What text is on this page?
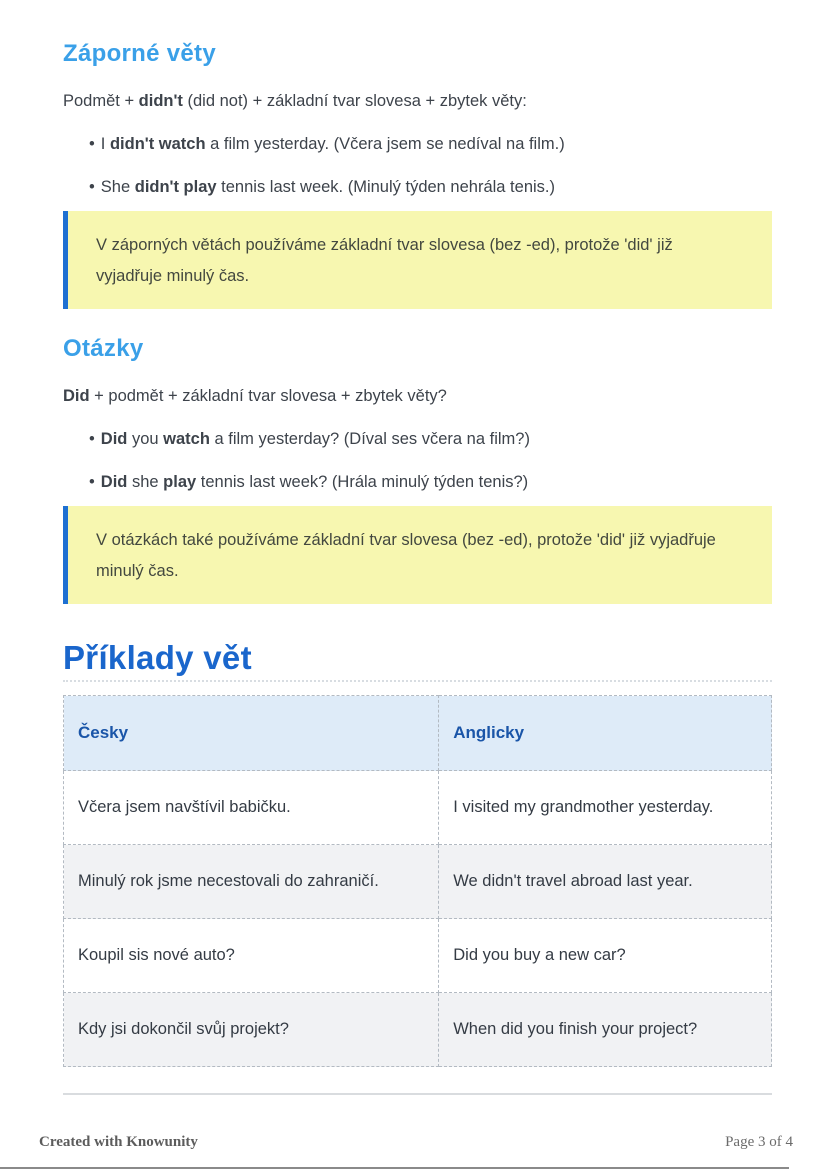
Záporné věty

Podmět + didn't (did not) + základní tvar slovesa + zbytek věty:

• I didn't watch a film yesterday. (Včera jsem se nedíval na film.)
• She didn't play tennis last week. (Minulý týden nehrála tenis.)

V záporných větách používáme základní tvar slovesa (bez -ed), protože 'did' již vyjadřuje minulý čas.

Otázky

Did + podmět + základní tvar slovesa + zbytek věty?

• Did you watch a film yesterday? (Díval ses včera na film?)
• Did she play tennis last week? (Hrála minulý týden tenis?)

V otázkách také používáme základní tvar slovesa (bez -ed), protože 'did' již vyjadřuje minulý čas.

Příklady vět
Česky	Anglicky
Včera jsem navštívil babičku.	I visited my grandmother yesterday.
Minulý rok jsme necestovali do zahraničí.	We didn't travel abroad last year.
Koupil sis nové auto?	Did you buy a new car?
Kdy jsi dokončil svůj projekt?	When did you finish your project?
Created with Knowunity	Page 3 of 4
